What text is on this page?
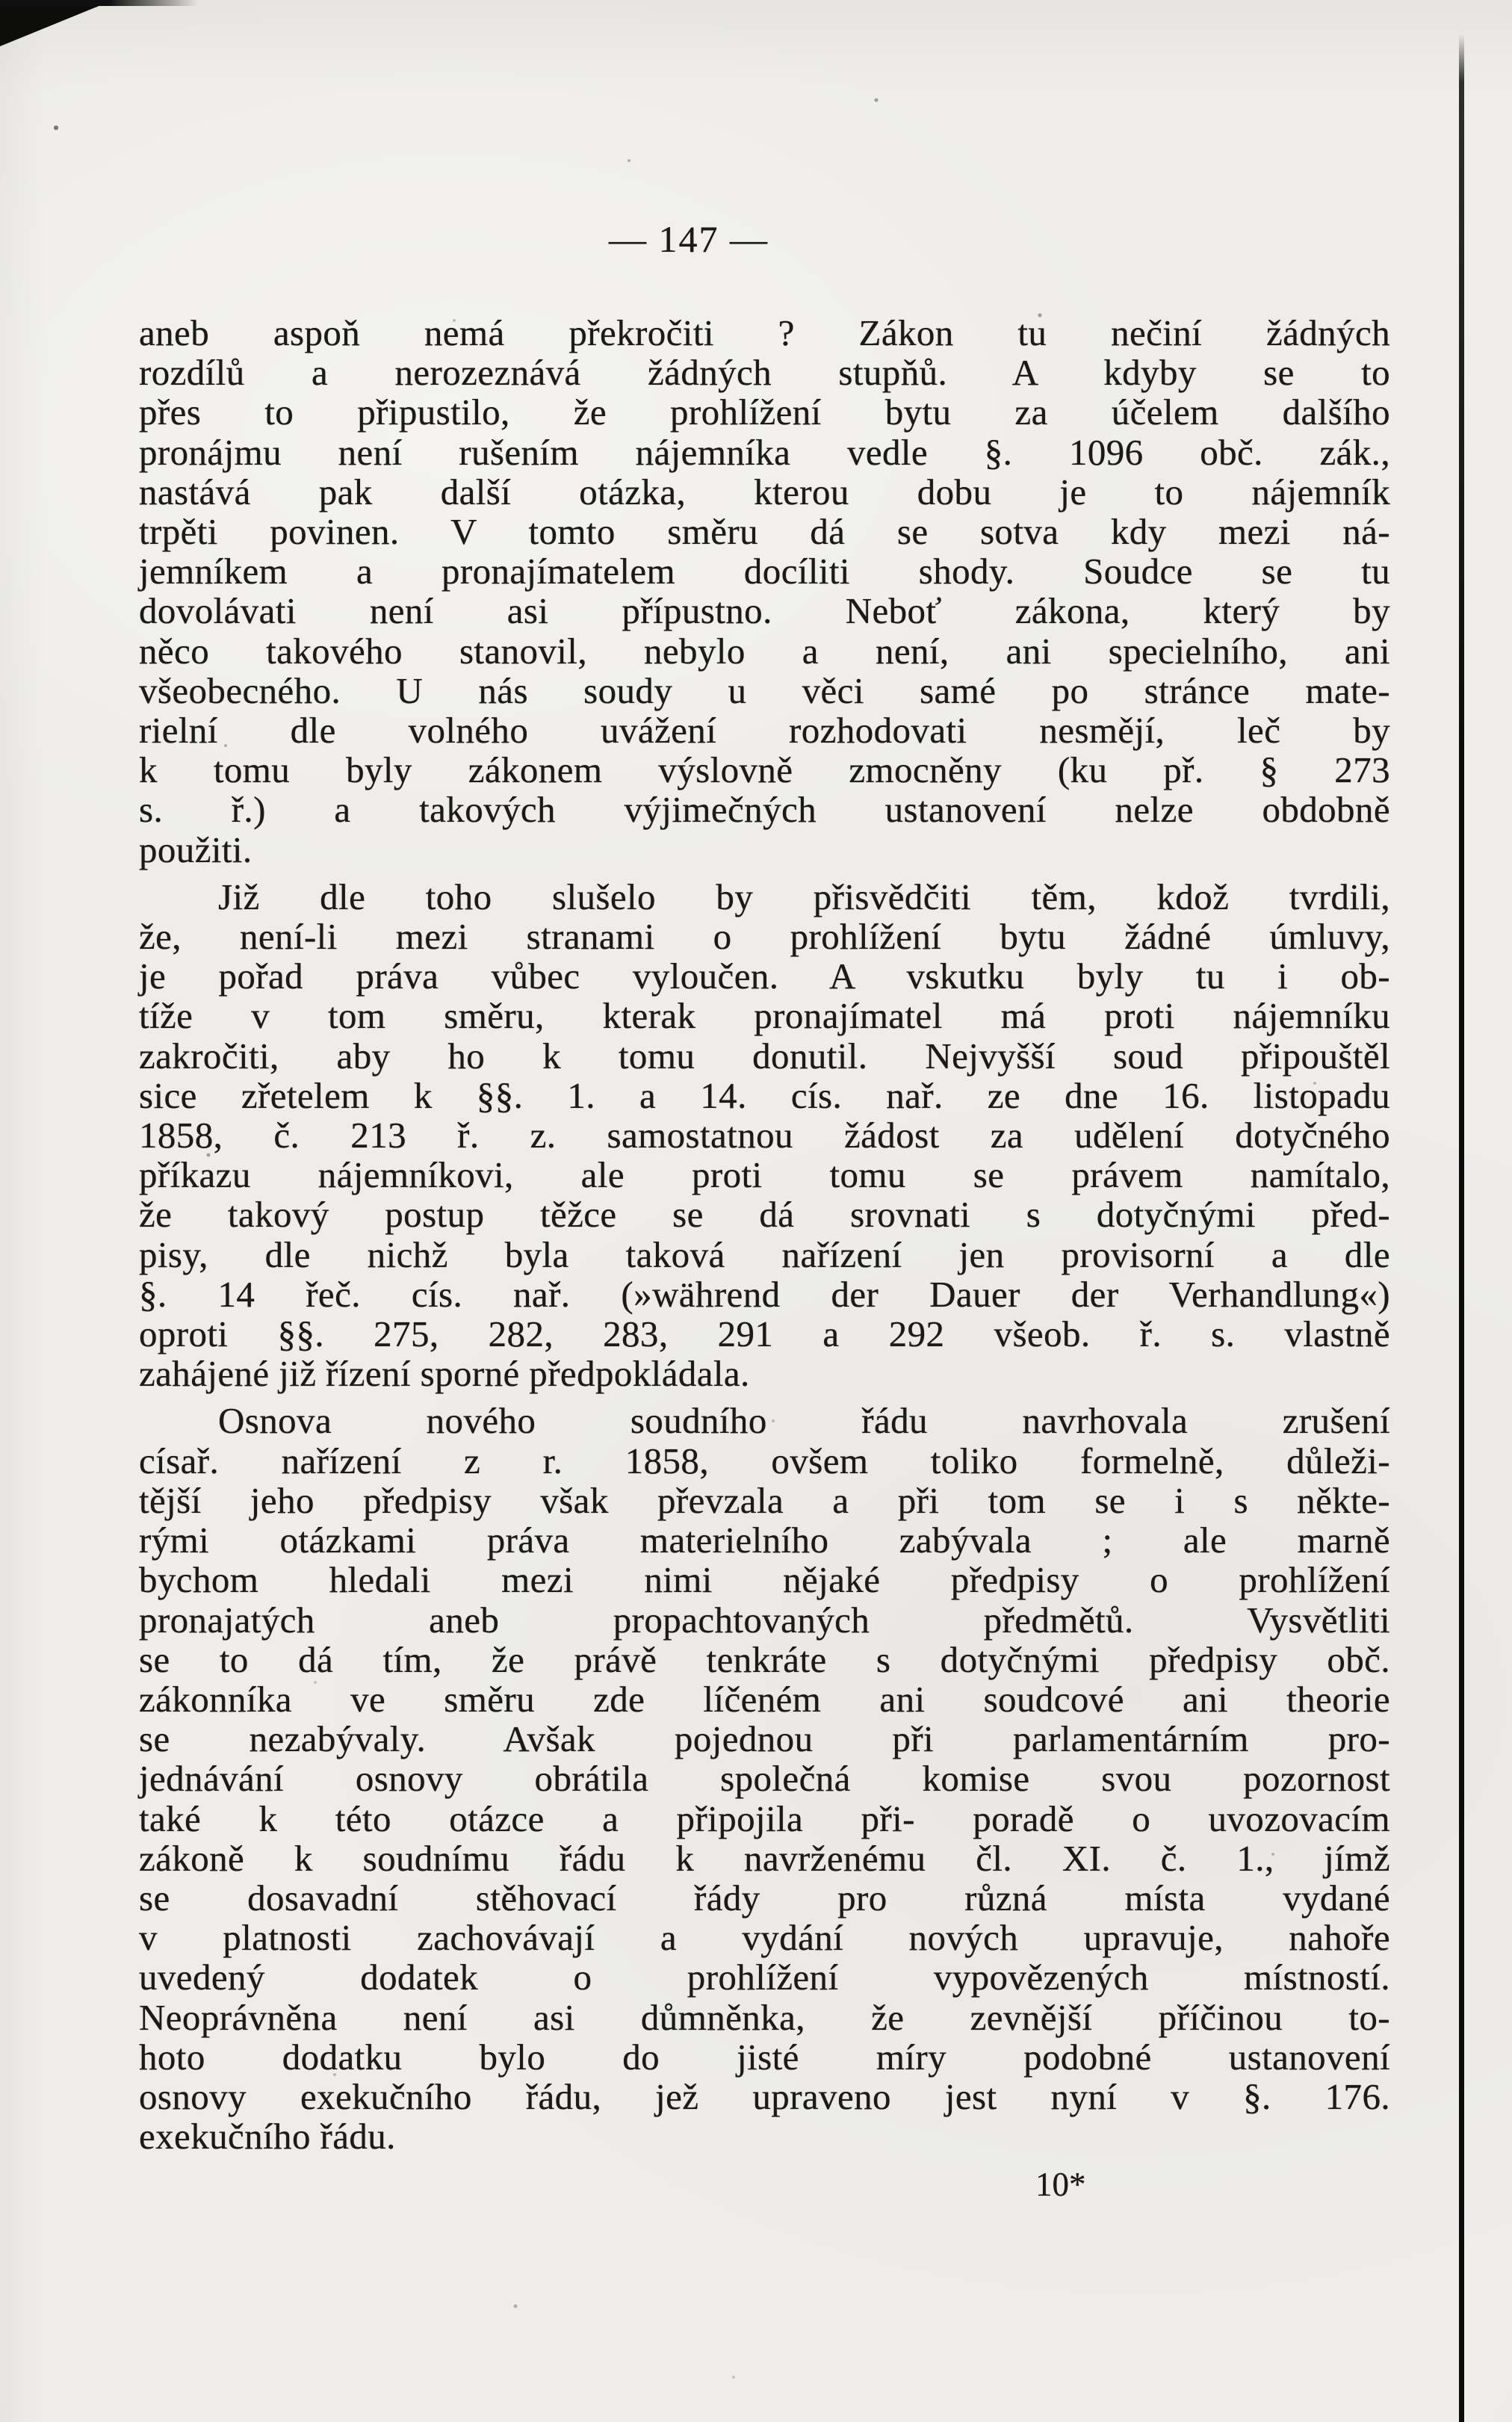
— 147 —
aneb aspoň nemá překročiti ? Zákon tu nečiní žádných
rozdílů a nerozeznává žádných stupňů. A kdyby se to
přes to připustilo, že prohlížení bytu za účelem dalšího
pronájmu není rušením nájemníka vedle §. 1096 obč. zák.,
nastává pak další otázka, kterou dobu je to nájemník
trpěti povinen. V tomto směru dá se sotva kdy mezi ná-
jemníkem a pronajímatelem docíliti shody. Soudce se tu
dovolávati není asi přípustno. Neboť zákona, který by
něco takového stanovil, nebylo a není, ani specielního, ani
všeobecného. U nás soudy u věci samé po stránce mate-
rielní dle volného uvážení rozhodovati nesmějí, leč by
k tomu byly zákonem výslovně zmocněny (ku př. § 273
s. ř.) a takových výjimečných ustanovení nelze obdobně
použiti.
Již dle toho slušelo by přisvědčiti těm, kdož tvrdili,
že, není-li mezi stranami o prohlížení bytu žádné úmluvy,
je pořad práva vůbec vyloučen. A vskutku byly tu i ob-
tíže v tom směru, kterak pronajímatel má proti nájemníku
zakročiti, aby ho k tomu donutil. Nejvyšší soud připouštěl
sice zřetelem k §§. 1. a 14. cís. nař. ze dne 16. listopadu
1858, č. 213 ř. z. samostatnou žádost za udělení dotyčného
příkazu nájemníkovi, ale proti tomu se právem namítalo,
že takový postup těžce se dá srovnati s dotyčnými před-
pisy, dle nichž byla taková nařízení jen provisorní a dle
§. 14 řeč. cís. nař. (»während der Dauer der Verhandlung«)
oproti §§. 275, 282, 283, 291 a 292 všeob. ř. s. vlastně
zahájené již řízení sporné předpokládala.
Osnova nového soudního řádu navrhovala zrušení
císař. nařízení z r. 1858, ovšem toliko formelně, důleži-
tější jeho předpisy však převzala a při tom se i s někte-
rými otázkami práva materielního zabývala ; ale marně
bychom hledali mezi nimi nějaké předpisy o prohlížení
pronajatých aneb propachtovaných předmětů. Vysvětliti
se to dá tím, že právě tenkráte s dotyčnými předpisy obč.
zákonníka ve směru zde líčeném ani soudcové ani theorie
se nezabývaly. Avšak pojednou při parlamentárním pro-
jednávání osnovy obrátila společná komise svou pozornost
také k této otázce a připojila při- poradě o uvozovacím
zákoně k soudnímu řádu k navrženému čl. XI. č. 1., jímž
se dosavadní stěhovací řády pro různá místa vydané
v platnosti zachovávají a vydání nových upravuje, nahoře
uvedený dodatek o prohlížení vypovězených místností.
Neoprávněna není asi důmněnka, že zevnější příčinou to-
hoto dodatku bylo do jisté míry podobné ustanovení
osnovy exekučního řádu, jež upraveno jest nyní v §. 176.
exekučního řádu.
10*
